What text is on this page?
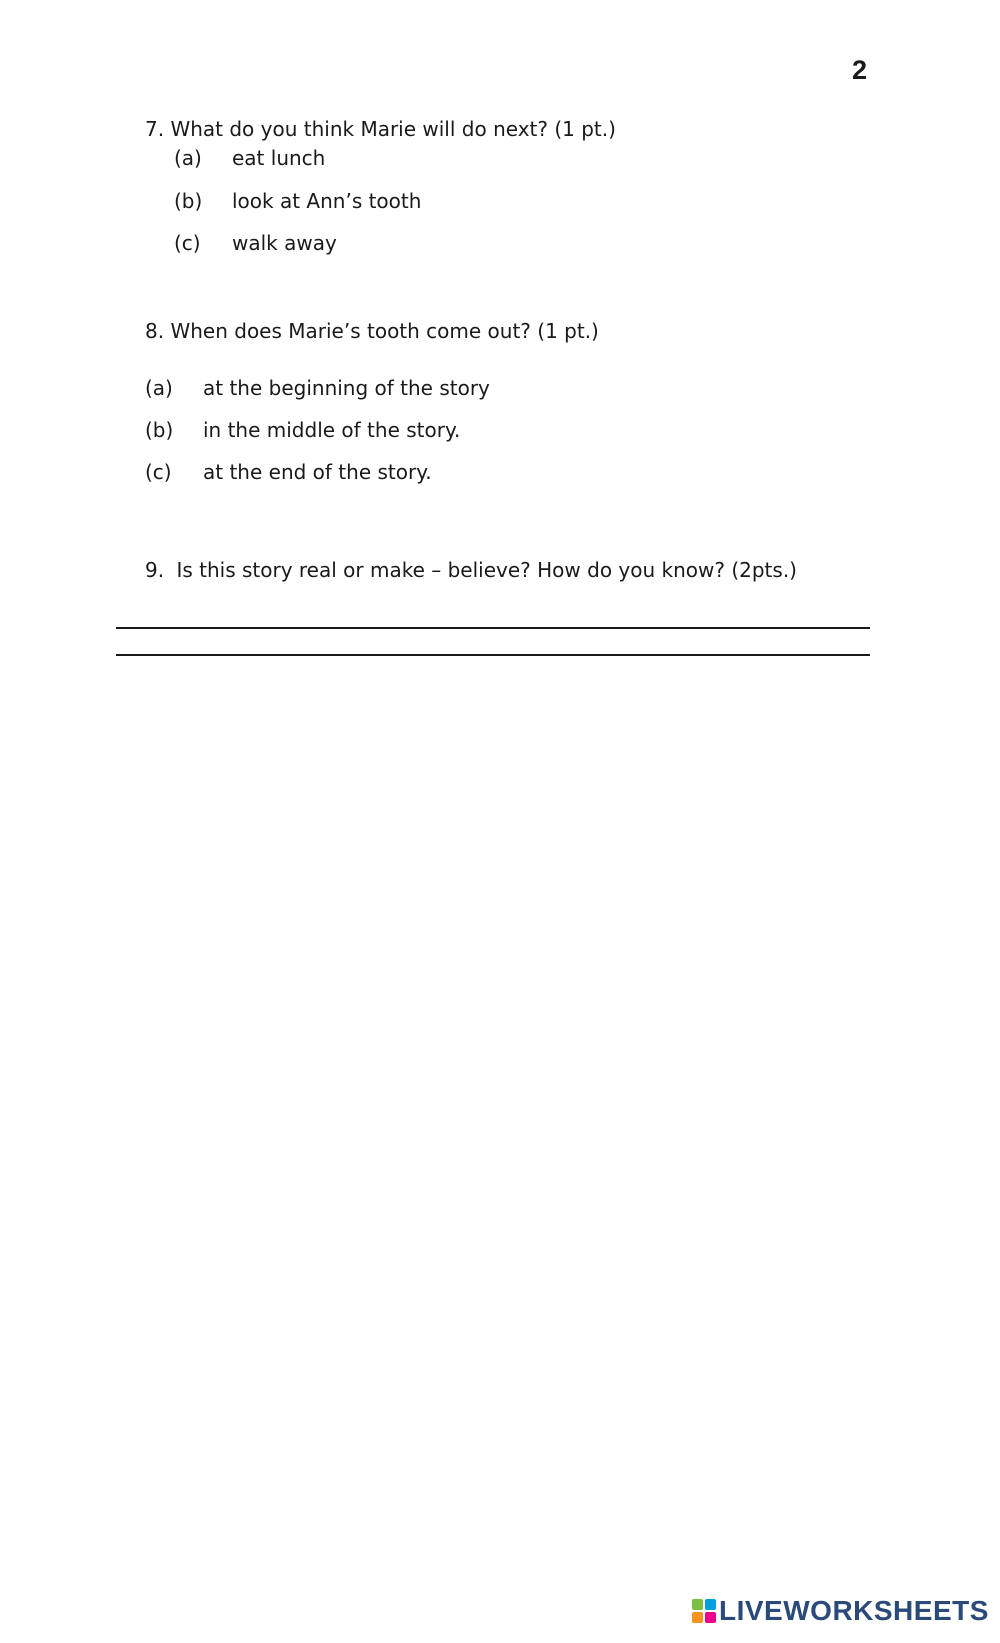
2
7. What do you think Marie will do next? (1 pt.)
(a) eat lunch
(b) look at Ann’s tooth
(c) walk away
8. When does Marie’s tooth come out? (1 pt.)
(a) at the beginning of the story
(b) in the middle of the story.
(c) at the end of the story.
9. Is this story real or make – believe? How do you know? (2pts.)
LIVEWORKSHEETS
